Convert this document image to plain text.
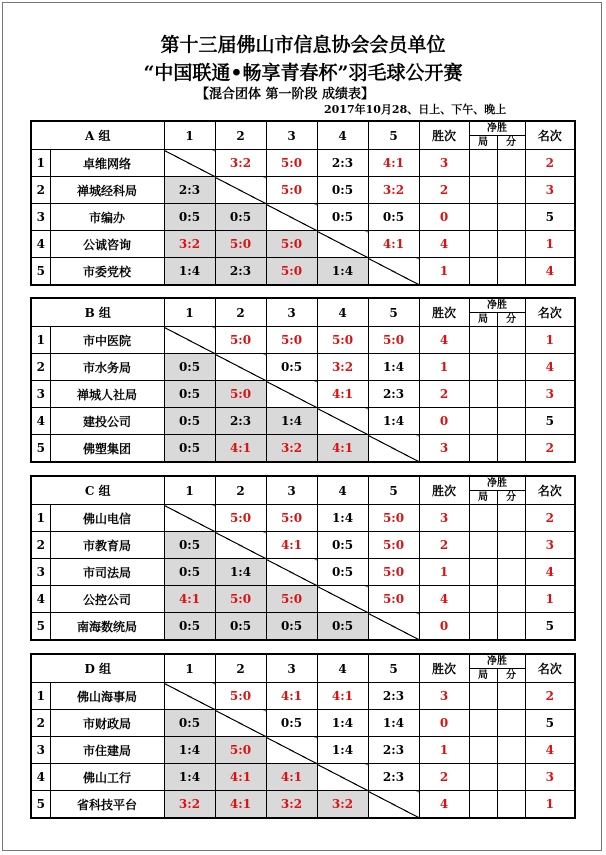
第十三届佛山市信息协会会员单位
“中国联通•畅享青春杯”羽毛球公开赛
【混合团体 第一阶段 成绩表】
2017年10月28、日上、下午、晚上
A 组		1	2	3	4	5	胜次	净胜
局 分		名次
1	卓维网络		3:2	5:0	2:3	4:1	3			2
2	禅城经科局	2:3		5:0	0:5	3:2	2			3
3	市编办	0:5	0:5		0:5	0:5	0			5
4	公诚咨询	3:2	5:0	5:0		4:1	4			1
5	市委党校	1:4	2:3	5:0	1:4		1			4
B 组		1	2	3	4	5	胜次	净胜
局 分		名次
1	市中医院		5:0	5:0	5:0	5:0	4			1
2	市水务局	0:5		0:5	3:2	1:4	1			4
3	禅城人社局	0:5	5:0		4:1	2:3	2			3
4	建投公司	0:5	2:3	1:4		1:4	0			5
5	佛塑集团	0:5	4:1	3:2	4:1		3			2
C 组		1	2	3	4	5	胜次	净胜
局 分		名次
1	佛山电信		5:0	5:0	1:4	5:0	3			2
2	市教育局	0:5		4:1	0:5	5:0	2			3
3	市司法局	0:5	1:4		0:5	5:0	1			4
4	公控公司	4:1	5:0	5:0		5:0	4			1
5	南海数统局	0:5	0:5	0:5	0:5		0			5
D 组		1	2	3	4	5	胜次	净胜
局 分		名次
1	佛山海事局		5:0	4:1	4:1	2:3	3			2
2	市财政局	0:5		0:5	1:4	1:4	0			5
3	市住建局	1:4	5:0		1:4	2:3	1			4
4	佛山工行	1:4	4:1	4:1		2:3	2			3
5	省科技平台	3:2	4:1	3:2	3:2		4			1
